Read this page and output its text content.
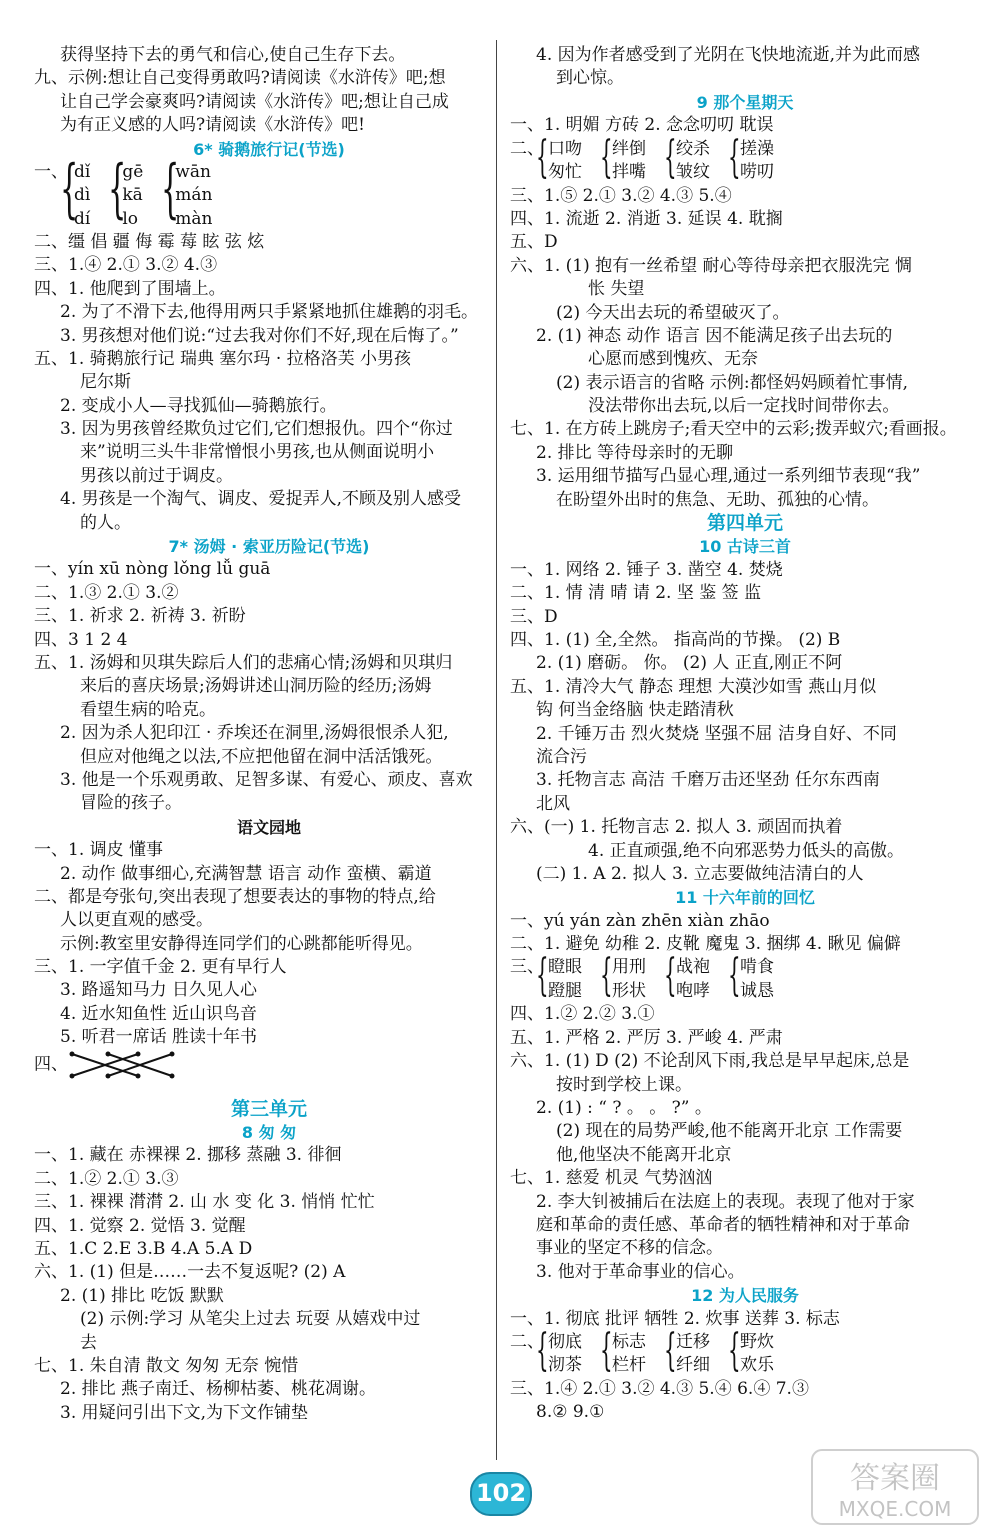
获得坚持下去的勇气和信心,使自己生存下去。
九、示例:想让自己变得勇敢吗?请阅读《水浒传》吧;想
让自己学会豪爽吗?请阅读《水浒传》吧;想让自己成
为有正义感的人吗?请阅读《水浒传》吧!
6* 骑鹅旅行记(节选)
一、
{
dǐ
dì
dí {
gē
kā
lo {
wān
mán
màn
二、缰 倡 疆 侮 霉 莓 眩 弦 炫
三、1.④ 2.① 3.② 4.③
四、1. 他爬到了围墙上。
2. 为了不滑下去,他得用两只手紧紧地抓住雄鹅的羽毛。
3. 男孩想对他们说:“过去我对你们不好,现在后悔了。”
五、1. 骑鹅旅行记 瑞典 塞尔玛 · 拉格洛芙 小男孩
尼尔斯
2. 变成小人—寻找狐仙—骑鹅旅行。
3. 因为男孩曾经欺负过它们,它们想报仇。四个“你过
来”说明三头牛非常憎恨小男孩,也从侧面说明小
男孩以前过于调皮。
4. 男孩是一个淘气、调皮、爱捉弄人,不顾及别人感受
的人。
7* 汤姆 · 索亚历险记(节选)
一、yín xū nòng lǒng lǚ guā
二、1.③ 2.① 3.②
三、1. 祈求 2. 祈祷 3. 祈盼
四、3 1 2 4
五、1. 汤姆和贝琪失踪后人们的悲痛心情;汤姆和贝琪归
来后的喜庆场景;汤姆讲述山洞历险的经历;汤姆
看望生病的哈克。
2. 因为杀人犯印江 · 乔埃还在洞里,汤姆很恨杀人犯,
但应对他绳之以法,不应把他留在洞中活活饿死。
3. 他是一个乐观勇敢、足智多谋、有爱心、顽皮、喜欢
冒险的孩子。
语文园地
一、1. 调皮 懂事
2. 动作 做事细心,充满智慧 语言 动作 蛮横、霸道
二、都是夸张句,突出表现了想要表达的事物的特点,给
人以更直观的感受。
示例:教室里安静得连同学们的心跳都能听得见。
三、1. 一字值千金 2. 更有早行人
3. 路遥知马力 日久见人心
4. 近水知鱼性 近山识鸟音
5. 听君一席话 胜读十年书
四、
第三单元
8 匆 匆
一、1. 藏在 赤裸裸 2. 挪移 蒸融 3. 徘徊
二、1.② 2.① 3.③
三、1. 裸裸 潸潸 2. 山 水 变 化 3. 悄悄 忙忙
四、1. 觉察 2. 觉悟 3. 觉醒
五、1.C 2.E 3.B 4.A 5.A D
六、1. (1) 但是……一去不复返呢? (2) A
2. (1) 排比 吃饭 默默
(2) 示例:学习 从笔尖上过去 玩耍 从嬉戏中过
去
七、1. 朱自清 散文 匆匆 无奈 惋惜
2. 排比 燕子南迁、杨柳枯萎、桃花凋谢。
3. 用疑问引出下文,为下文作铺垫
4. 因为作者感受到了光阴在飞快地流逝,并为此而感
到心惊。
9 那个星期天
一、1. 明媚 方砖 2. 念念叨叨 耽误
二、
{ 口吻
匆忙 { 绊倒
拌嘴 { 绞杀
皱纹 { 搓澡
唠叨
三、1.⑤ 2.① 3.② 4.③ 5.④
四、1. 流逝 2. 消逝 3. 延误 4. 耽搁
五、D
六、1. (1) 抱有一丝希望 耐心等待母亲把衣服洗完 惆
怅 失望
(2) 今天出去玩的希望破灭了。
2. (1) 神态 动作 语言 因不能满足孩子出去玩的
心愿而感到愧疚、无奈
(2) 表示语言的省略 示例:都怪妈妈顾着忙事情,
没法带你出去玩,以后一定找时间带你去。
七、1. 在方砖上跳房子;看天空中的云彩;拨弄蚁穴;看画报。
2. 排比 等待母亲时的无聊
3. 运用细节描写凸显心理,通过一系列细节表现“我”
在盼望外出时的焦急、无助、孤独的心情。
第四单元
10 古诗三首
一、1. 网络 2. 锤子 3. 凿空 4. 焚烧
二、1. 情 清 晴 请 2. 坚 鉴 签 监
三、D
四、1. (1) 全,全然。 指高尚的节操。 (2) B
2. (1) 磨砺。 你。 (2) 人 正直,刚正不阿
五、1. 清冷大气 静态 理想 大漠沙如雪 燕山月似
钩 何当金络脑 快走踏清秋
2. 千锤万击 烈火焚烧 坚强不屈 洁身自好、不同
流合污
3. 托物言志 高洁 千磨万击还坚劲 任尔东西南
北风
六、(一) 1. 托物言志 2. 拟人 3. 顽固而执着
4. 正直顽强,绝不向邪恶势力低头的高傲。
(二) 1. A 2. 拟人 3. 立志要做纯洁清白的人
11 十六年前的回忆
一、yú yán zàn zhēn xiàn zhāo
二、1. 避免 幼稚 2. 皮靴 魔鬼 3. 捆绑 4. 瞅见 偏僻
三、
{ 瞪眼
蹬腿 { 用刑
形状 { 战袍
咆哮 { 啃食
诚恳
四、1.② 2.② 3.①
五、1. 严格 2. 严厉 3. 严峻 4. 严肃
六、1. (1) D (2) 不论刮风下雨,我总是早早起床,总是
按时到学校上课。
2. (1) : “ ? 。 。 ?” 。
(2) 现在的局势严峻,他不能离开北京 工作需要
他,他坚决不能离开北京
七、1. 慈爱 机灵 气势汹汹
2. 李大钊被捕后在法庭上的表现。表现了他对于家
庭和革命的责任感、革命者的牺牲精神和对于革命
事业的坚定不移的信念。
3. 他对于革命事业的信心。
12 为人民服务
一、1. 彻底 批评 牺牲 2. 炊事 送葬 3. 标志
二、
{ 彻底
沏茶 { 标志
栏杆 { 迁移
纤细 { 野炊
欢乐
三、1.④ 2.① 3.② 4.③ 5.④ 6.④ 7.③
8.② 9.①
102	答案圈
MXQE.COM
